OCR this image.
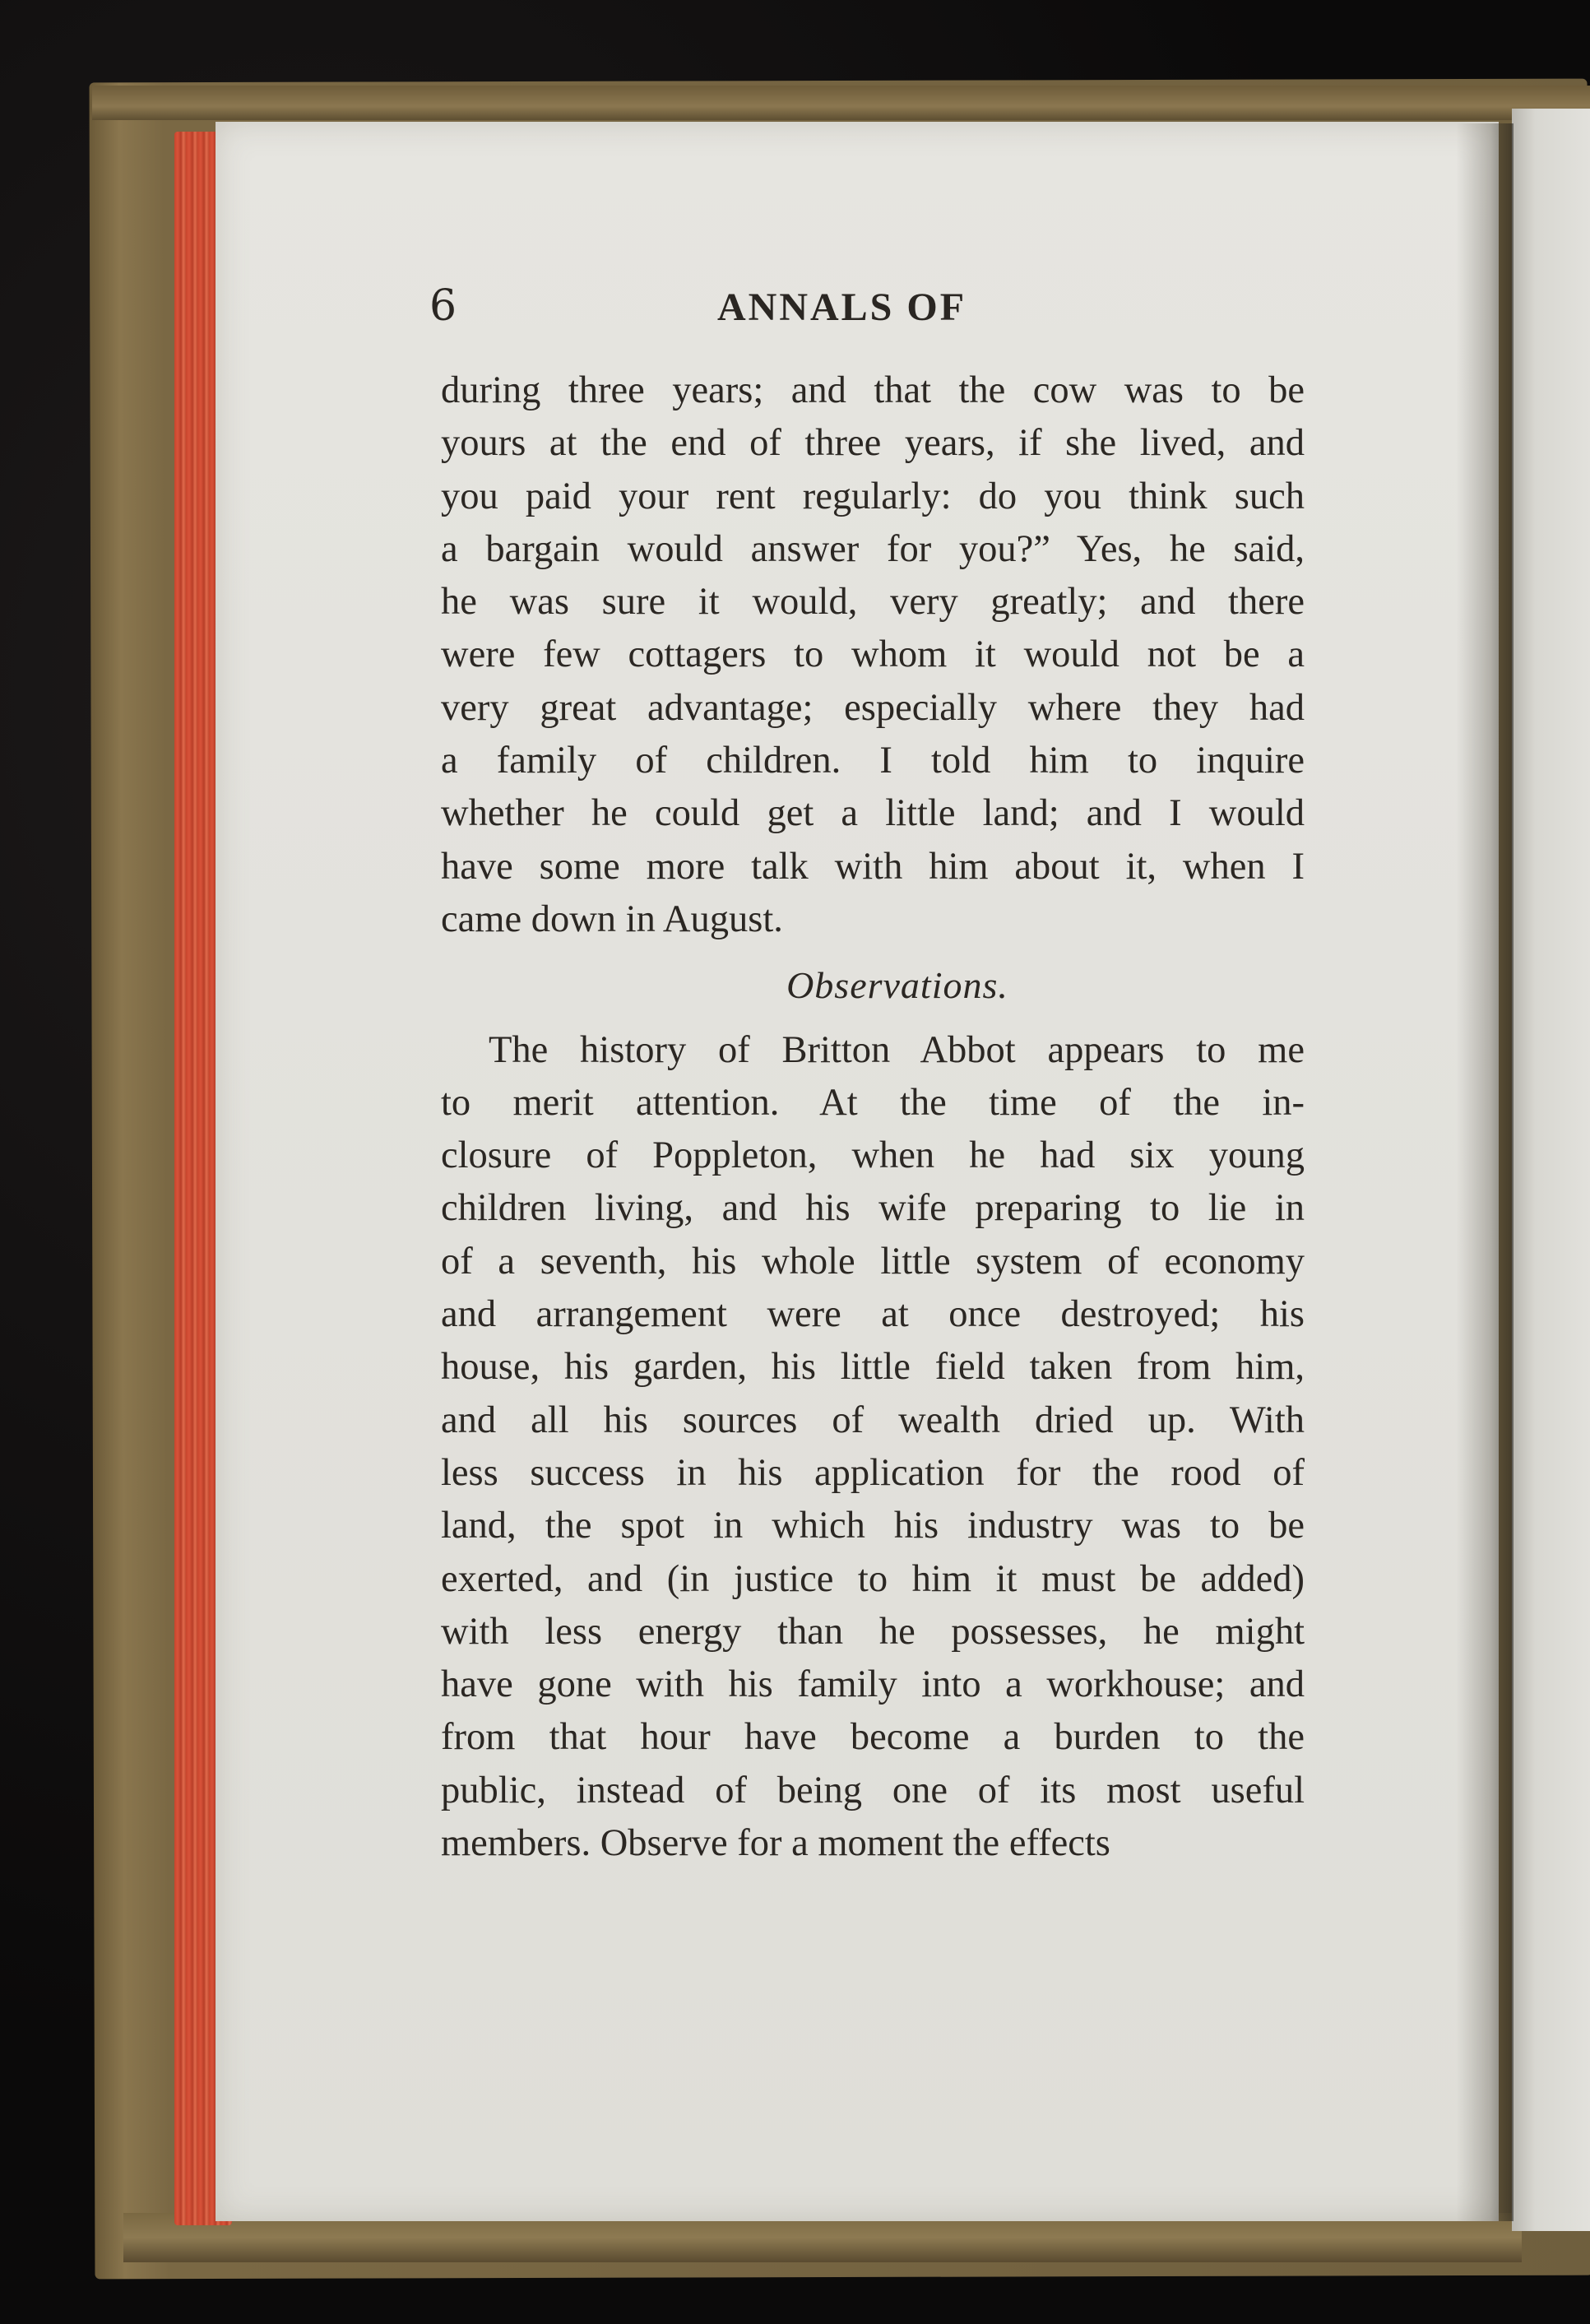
6	ANNALS OF
during three years; and that the cow was to be
yours at the end of three years, if she lived, and
you paid your rent regularly: do you think such
a bargain would answer for you?” Yes, he said,
he was sure it would, very greatly; and there
were few cottagers to whom it would not be a
very great advantage; especially where they had
a family of children. I told him to inquire
whether he could get a little land; and I would
have some more talk with him about it, when I
came down in August.
Observations.
The history of Britton Abbot appears to me
to merit attention. At the time of the in-
closure of Poppleton, when he had six young
children living, and his wife preparing to lie in
of a seventh, his whole little system of economy
and arrangement were at once destroyed; his
house, his garden, his little field taken from him,
and all his sources of wealth dried up. With
less success in his application for the rood of
land, the spot in which his industry was to be
exerted, and (in justice to him it must be added)
with less energy than he possesses, he might
have gone with his family into a workhouse; and
from that hour have become a burden to the
public, instead of being one of its most useful
members. Observe for a moment the effects
